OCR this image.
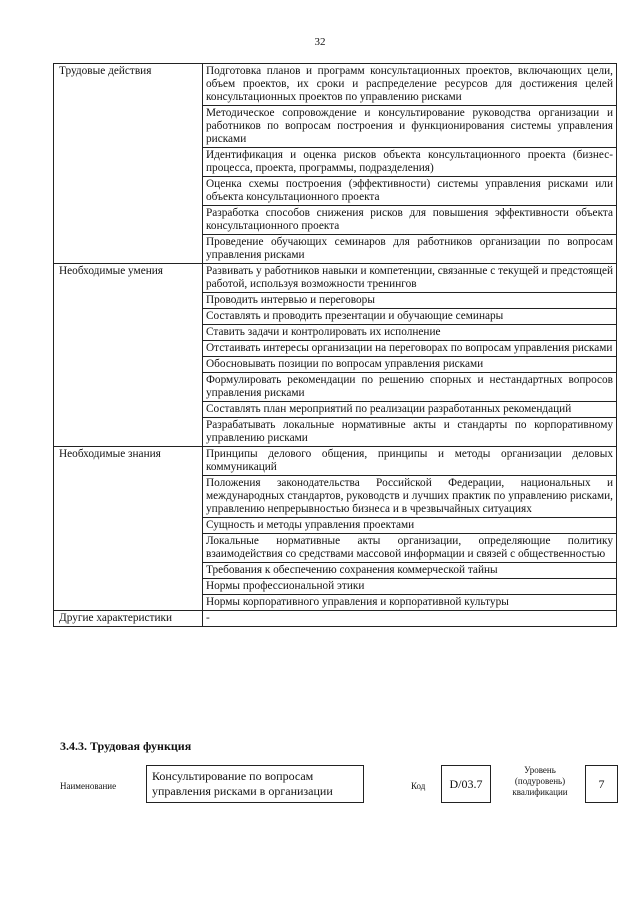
32
Трудовые действия	Подготовка планов и программ консультационных проектов, включающих цели, объем проектов, их сроки и распределение ресурсов для достижения целей консультационных проектов по управлению рисками
	Методическое сопровождение и консультирование руководства организации и работников по вопросам построения и функционирования системы управления рисками
	Идентификация и оценка рисков объекта консультационного проекта (бизнес-процесса, проекта, программы, подразделения)
	Оценка схемы построения (эффективности) системы управления рисками или объекта консультационного проекта
	Разработка способов снижения рисков для повышения эффективности объекта консультационного проекта
	Проведение обучающих семинаров для работников организации по вопросам управления рисками
Необходимые умения	Развивать у работников навыки и компетенции, связанные с текущей и предстоящей работой, используя возможности тренингов
	Проводить интервью и переговоры
	Составлять и проводить презентации и обучающие семинары
	Ставить задачи и контролировать их исполнение
	Отстаивать интересы организации на переговорах по вопросам управления рисками
	Обосновывать позиции по вопросам управления рисками
	Формулировать рекомендации по решению спорных и нестандартных вопросов управления рисками
	Составлять план мероприятий по реализации разработанных рекомендаций
	Разрабатывать локальные нормативные акты и стандарты по корпоративному управлению рисками
Необходимые знания	Принципы делового общения, принципы и методы организации деловых коммуникаций
	Положения законодательства Российской Федерации, национальных и международных стандартов, руководств и лучших практик по управлению рисками, управлению непрерывностью бизнеса и в чрезвычайных ситуациях
	Сущность и методы управления проектами
	Локальные нормативные акты организации, определяющие политику взаимодействия со средствами массовой информации и связей с общественностью
	Требования к обеспечению сохранения коммерческой тайны
	Нормы профессиональной этики
	Нормы корпоративного управления и корпоративной культуры
Другие характеристики	-
3.4.3. Трудовая функция
Наименование
Консультирование по вопросам управления рисками в организации	Код	D/03.7
Уровень (подуровень) квалификации
7
